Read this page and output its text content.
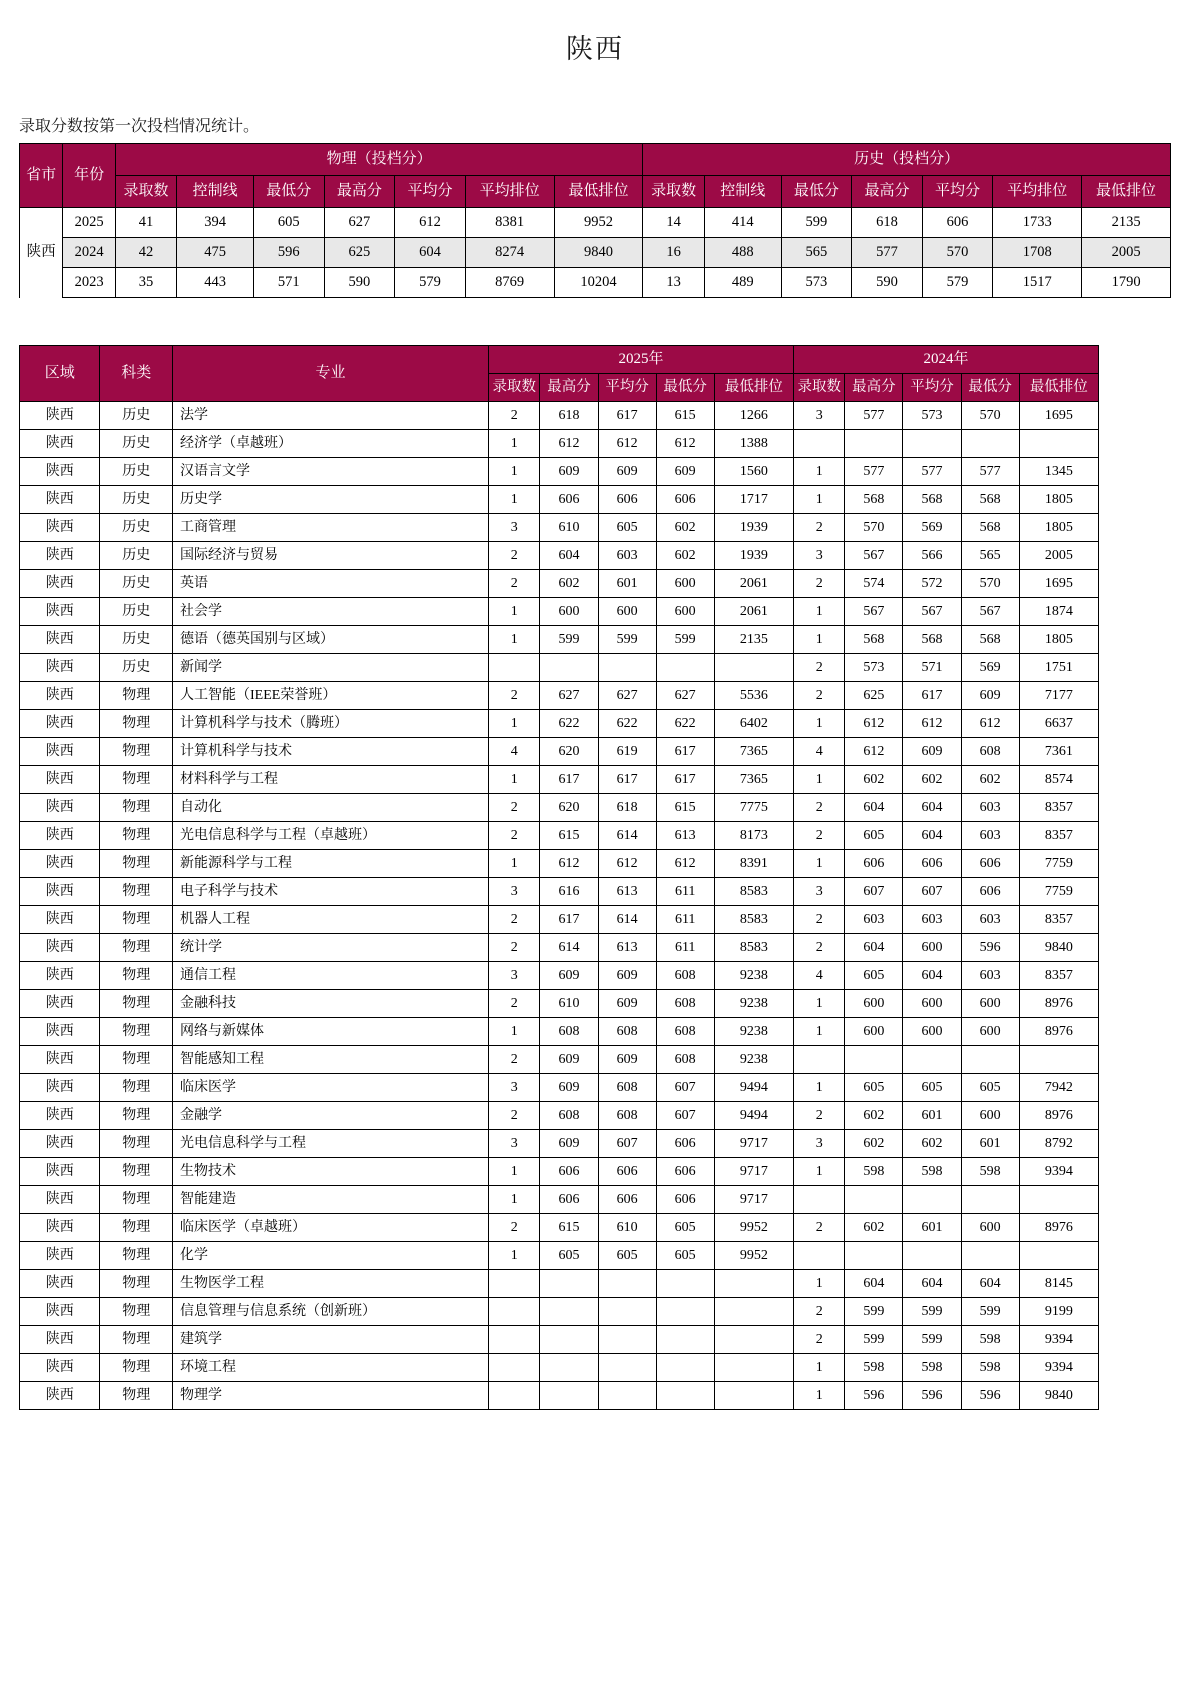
陕西

录取分数按第一次投档情况统计。

省市	年份	物理（投档分）							历史（投档分）						
		录取数	控制线	最低分	最高分	平均分	平均排位	最低排位	录取数	控制线	最低分	最高分	平均分	平均排位	最低排位
陕西	2025	41	394	605	627	612	8381	9952	14	414	599	618	606	1733	2135
	2024	42	475	596	625	604	8274	9840	16	488	565	577	570	1708	2005
	2023	35	443	571	590	579	8769	10204	13	489	573	590	579	1517	1790
区域	科类	专业	2025年					2024年				
			录取数	最高分	平均分	最低分	最低排位	录取数	最高分	平均分	最低分	最低排位
陕西	历史	法学	2	618	617	615	1266	3	577	573	570	1695
陕西	历史	经济学（卓越班）	1	612	612	612	1388					
陕西	历史	汉语言文学	1	609	609	609	1560	1	577	577	577	1345
陕西	历史	历史学	1	606	606	606	1717	1	568	568	568	1805
陕西	历史	工商管理	3	610	605	602	1939	2	570	569	568	1805
陕西	历史	国际经济与贸易	2	604	603	602	1939	3	567	566	565	2005
陕西	历史	英语	2	602	601	600	2061	2	574	572	570	1695
陕西	历史	社会学	1	600	600	600	2061	1	567	567	567	1874
陕西	历史	德语（德英国别与区域）	1	599	599	599	2135	1	568	568	568	1805
陕西	历史	新闻学						2	573	571	569	1751
陕西	物理	人工智能（IEEE荣誉班）	2	627	627	627	5536	2	625	617	609	7177
陕西	物理	计算机科学与技术（腾班）	1	622	622	622	6402	1	612	612	612	6637
陕西	物理	计算机科学与技术	4	620	619	617	7365	4	612	609	608	7361
陕西	物理	材料科学与工程	1	617	617	617	7365	1	602	602	602	8574
陕西	物理	自动化	2	620	618	615	7775	2	604	604	603	8357
陕西	物理	光电信息科学与工程（卓越班）	2	615	614	613	8173	2	605	604	603	8357
陕西	物理	新能源科学与工程	1	612	612	612	8391	1	606	606	606	7759
陕西	物理	电子科学与技术	3	616	613	611	8583	3	607	607	606	7759
陕西	物理	机器人工程	2	617	614	611	8583	2	603	603	603	8357
陕西	物理	统计学	2	614	613	611	8583	2	604	600	596	9840
陕西	物理	通信工程	3	609	609	608	9238	4	605	604	603	8357
陕西	物理	金融科技	2	610	609	608	9238	1	600	600	600	8976
陕西	物理	网络与新媒体	1	608	608	608	9238	1	600	600	600	8976
陕西	物理	智能感知工程	2	609	609	608	9238					
陕西	物理	临床医学	3	609	608	607	9494	1	605	605	605	7942
陕西	物理	金融学	2	608	608	607	9494	2	602	601	600	8976
陕西	物理	光电信息科学与工程	3	609	607	606	9717	3	602	602	601	8792
陕西	物理	生物技术	1	606	606	606	9717	1	598	598	598	9394
陕西	物理	智能建造	1	606	606	606	9717					
陕西	物理	临床医学（卓越班）	2	615	610	605	9952	2	602	601	600	8976
陕西	物理	化学	1	605	605	605	9952					
陕西	物理	生物医学工程						1	604	604	604	8145
陕西	物理	信息管理与信息系统（创新班）						2	599	599	599	9199
陕西	物理	建筑学						2	599	599	598	9394
陕西	物理	环境工程						1	598	598	598	9394
陕西	物理	物理学						1	596	596	596	9840
